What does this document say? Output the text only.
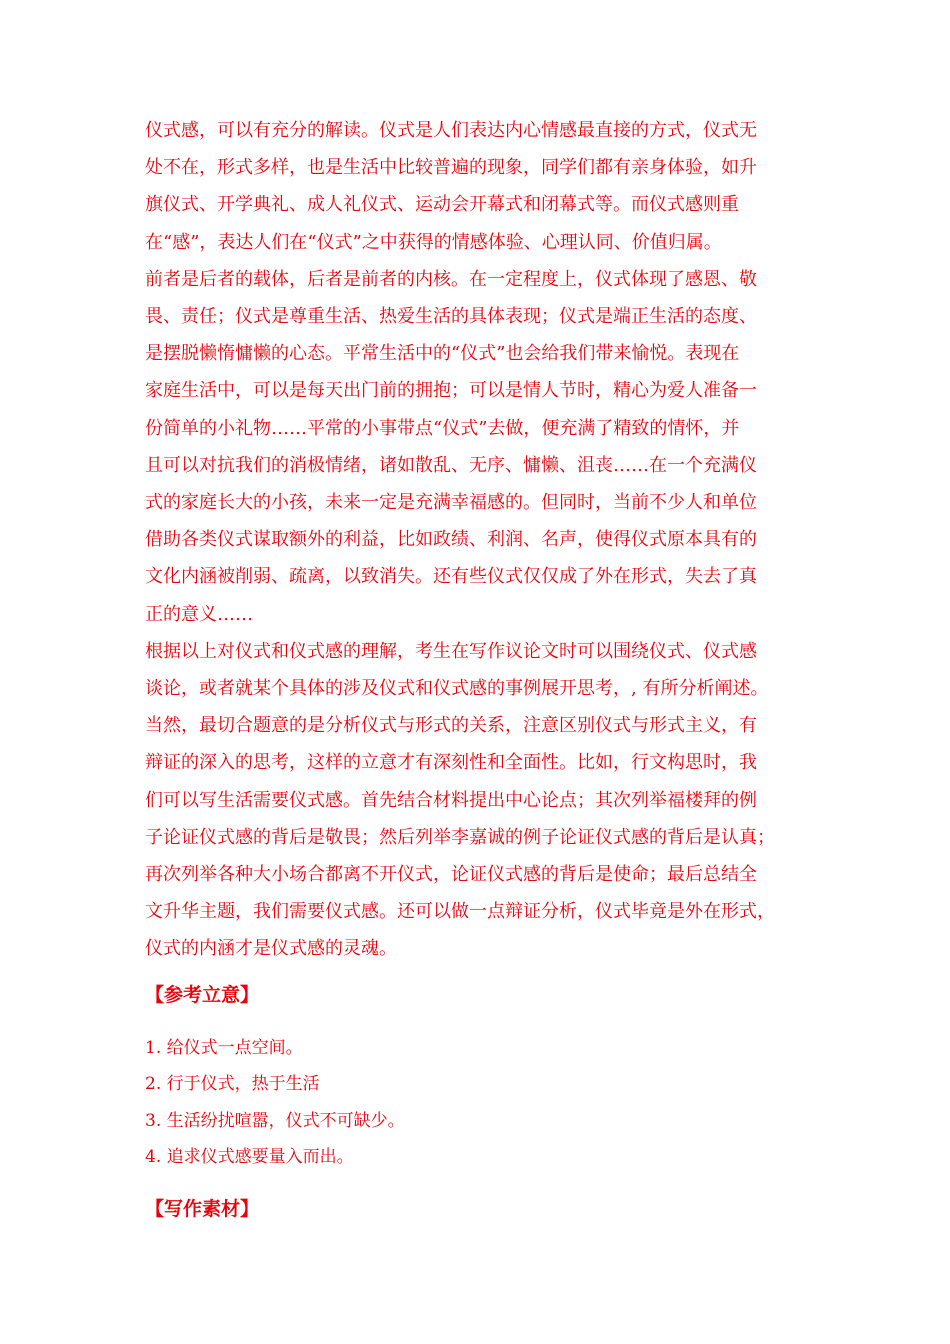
仪式感，可以有充分的解读。仪式是人们表达内心情感最直接的方式，仪式无
处不在，形式多样，也是生活中比较普遍的现象，同学们都有亲身体验，如升
旗仪式、开学典礼、成人礼仪式、运动会开幕式和闭幕式等。而仪式感则重
在“感”，表达人们在“仪式”之中获得的情感体验、心理认同、价值归属。
前者是后者的载体，后者是前者的内核。在一定程度上，仪式体现了感恩、敬
畏、责任；仪式是尊重生活、热爱生活的具体表现；仪式是端正生活的态度、
是摆脱懒惰慵懒的心态。平常生活中的“仪式”也会给我们带来愉悦。表现在
家庭生活中，可以是每天出门前的拥抱；可以是情人节时，精心为爱人准备一
份简单的小礼物……平常的小事带点“仪式”去做，便充满了精致的情怀，并
且可以对抗我们的消极情绪，诸如散乱、无序、慵懒、沮丧……在一个充满仪
式的家庭长大的小孩，未来一定是充满幸福感的。但同时，当前不少人和单位
借助各类仪式谋取额外的利益，比如政绩、利润、名声，使得仪式原本具有的
文化内涵被削弱、疏离，以致消失。还有些仪式仅仅成了外在形式，失去了真
正的意义……

根据以上对仪式和仪式感的理解，考生在写作议论文时可以围绕仪式、仪式感
谈论，或者就某个具体的涉及仪式和仪式感的事例展开思考，, 有所分析阐述。
当然，最切合题意的是分析仪式与形式的关系，注意区别仪式与形式主义，有
辩证的深入的思考，这样的立意才有深刻性和全面性。比如，行文构思时，我
们可以写生活需要仪式感。首先结合材料提出中心论点；其次列举福楼拜的例
子论证仪式感的背后是敬畏；然后列举李嘉诚的例子论证仪式感的背后是认真；
再次列举各种大小场合都离不开仪式，论证仪式感的背后是使命；最后总结全
文升华主题，我们需要仪式感。还可以做一点辩证分析，仪式毕竟是外在形式，
仪式的内涵才是仪式感的灵魂。

【参考立意】
1. 给仪式一点空间。
2. 行于仪式，热于生活
3. 生活纷扰喧嚣，仪式不可缺少。
4. 追求仪式感要量入而出。
【写作素材】
